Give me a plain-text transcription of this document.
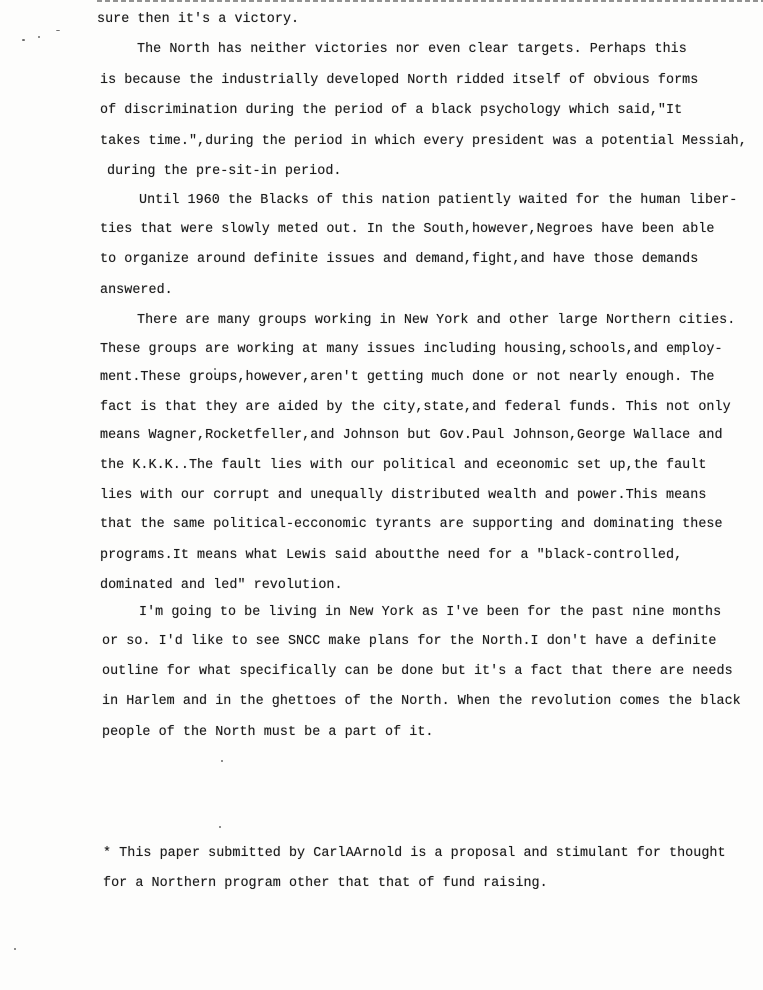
sure then it's a victory.
The North has neither victories nor even clear targets. Perhaps this
is because the industrially developed North ridded itself of obvious forms
of discrimination during the period of a black psychology which said,"It
takes time.",during the period in which every president was a potential Messiah,
during the pre-sit-in period.
Until 1960 the Blacks of this nation patiently waited for the human liber-
ties that were slowly meted out. In the South,however,Negroes have been able
to organize around definite issues and demand,fight,and have those demands
answered.
There are many groups working in New York and other large Northern cities.
These groups are working at many issues including housing,schools,and employ-
ment.These groups,however,aren't getting much done or not nearly enough. The
fact is that they are aided by the city,state,and federal funds. This not only
means Wagner,Rocketfeller,and Johnson but Gov.Paul Johnson,George Wallace and
the K.K.K..The fault lies with our political and eceonomic set up,the fault
lies with our corrupt and unequally distributed wealth and power.This means
that the same political-ecconomic tyrants are supporting and dominating these
programs.It means what Lewis said aboutthe need for a "black-controlled,
dominated and led" revolution.
I'm going to be living in New York as I've been for the past nine months
or so. I'd like to see SNCC make plans for the North.I don't have a definite
outline for what specifically can be done but it's a fact that there are needs
in Harlem and in the ghettoes of the North. When the revolution comes the black
people of the North must be a part of it.
* This paper submitted by CarlAArnold is a proposal and stimulant for thought
for a Northern program other that that of fund raising.
